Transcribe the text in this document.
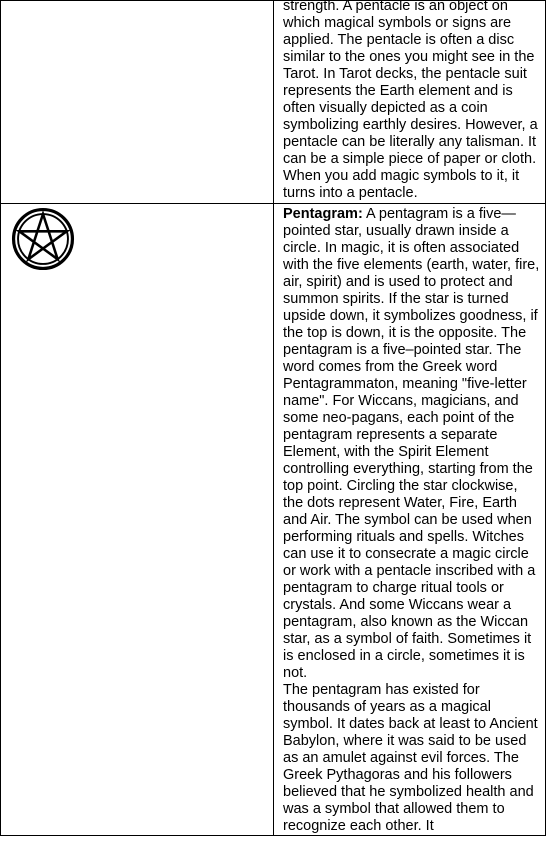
	strength. A pentacle is an object on which magical symbols or signs are applied. The pentacle is often a disc similar to the ones you might see in the Tarot. In Tarot decks, the pentacle suit represents the Earth element and is often visually depicted as a coin symbolizing earthly desires. However, a pentacle can be literally any talisman. It can be a simple piece of paper or cloth. When you add magic symbols to it, it turns into a pentacle.

Pentagram: A pentagram is a five—pointed star, usually drawn inside a circle. In magic, it is often associated with the five elements (earth, water, fire, air, spirit) and is used to protect and summon spirits. If the star is turned upside down, it symbolizes goodness, if the top is down, it is the opposite. The pentagram is a five–pointed star. The word comes from the Greek word Pentagrammaton, meaning "five-letter name". For Wiccans, magicians, and some neo-pagans, each point of the pentagram represents a separate Element, with the Spirit Element controlling everything, starting from the top point. Circling the star clockwise, the dots represent Water, Fire, Earth and Air. The symbol can be used when performing rituals and spells. Witches can use it to consecrate a magic circle or work with a pentacle inscribed with a pentagram to charge ritual tools or crystals. And some Wiccans wear a pentagram, also known as the Wiccan star, as a symbol of faith. Sometimes it is enclosed in a circle, sometimes it is not.
The pentagram has existed for thousands of years as a magical symbol. It dates back at least to Ancient Babylon, where it was said to be used as an amulet against evil forces. The Greek Pythagoras and his followers believed that he symbolized health and was a symbol that allowed them to recognize each other. It
